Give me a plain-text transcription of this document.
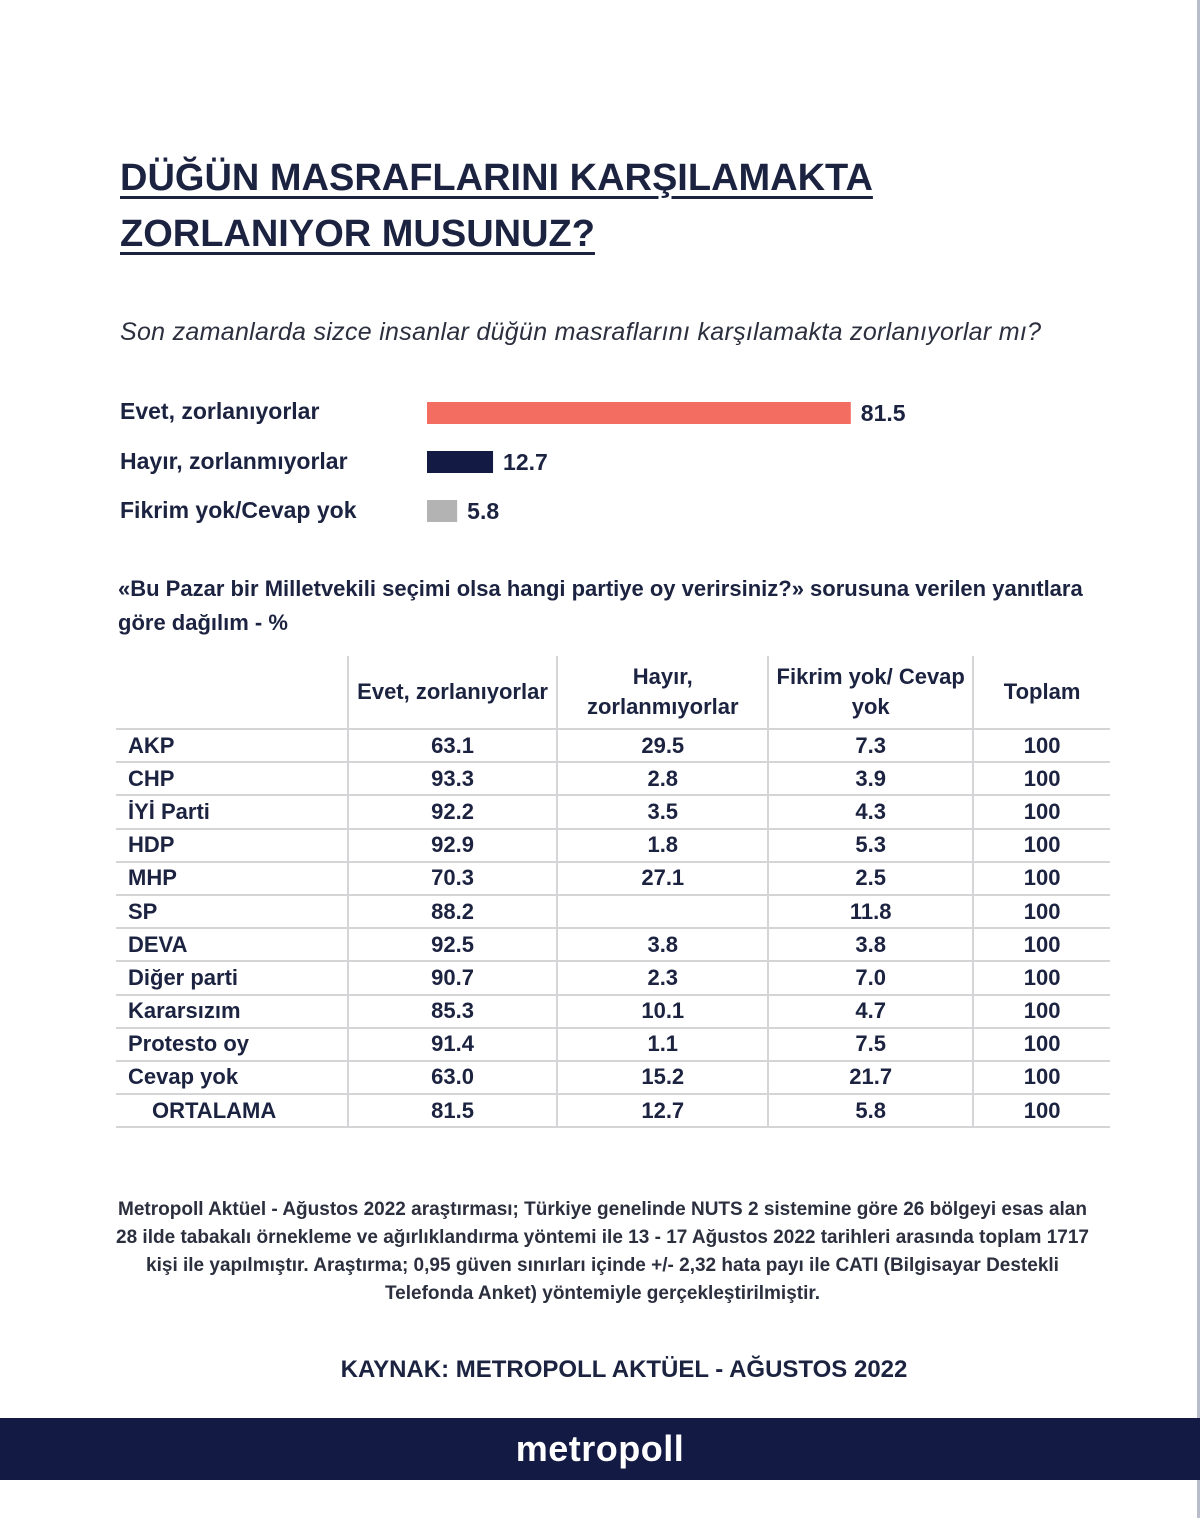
DÜĞÜN MASRAFLARINI KARŞILAMAKTA ZORLANIYOR MUSUNUZ?
Son zamanlarda sizce insanlar düğün masraflarını karşılamakta zorlanıyorlar mı?
Evet, zorlanıyorlar
Hayır, zorlanmıyorlar
Fikrim yok/Cevap yok
81.5
12.7
5.8
«Bu Pazar bir Milletvekili seçimi olsa hangi partiye oy verirsiniz?» sorusuna verilen yanıtlara göre dağılım - %
	Evet, zorlanıyorlar	Hayır, zorlanmıyorlar	Fikrim yok/ Cevap yok	Toplam
AKP	63.1	29.5	7.3	100
CHP	93.3	2.8	3.9	100
İYİ Parti	92.2	3.5	4.3	100
HDP	92.9	1.8	5.3	100
MHP	70.3	27.1	2.5	100
SP	88.2		11.8	100
DEVA	92.5	3.8	3.8	100
Diğer parti	90.7	2.3	7.0	100
Kararsızım	85.3	10.1	4.7	100
Protesto oy	91.4	1.1	7.5	100
Cevap yok	63.0	15.2	21.7	100
ORTALAMA	81.5	12.7	5.8	100
Metropoll Aktüel - Ağustos 2022 araştırması; Türkiye genelinde NUTS 2 sistemine göre 26 bölgeyi esas alan 28 ilde tabakalı örnekleme ve ağırlıklandırma yöntemi ile 13 - 17 Ağustos 2022 tarihleri arasında toplam 1717 kişi ile yapılmıştır. Araştırma; 0,95 güven sınırları içinde +/- 2,32 hata payı ile CATI (Bilgisayar Destekli Telefonda Anket) yöntemiyle gerçekleştirilmiştir.
KAYNAK: METROPOLL AKTÜEL - AĞUSTOS 2022
metropoll
